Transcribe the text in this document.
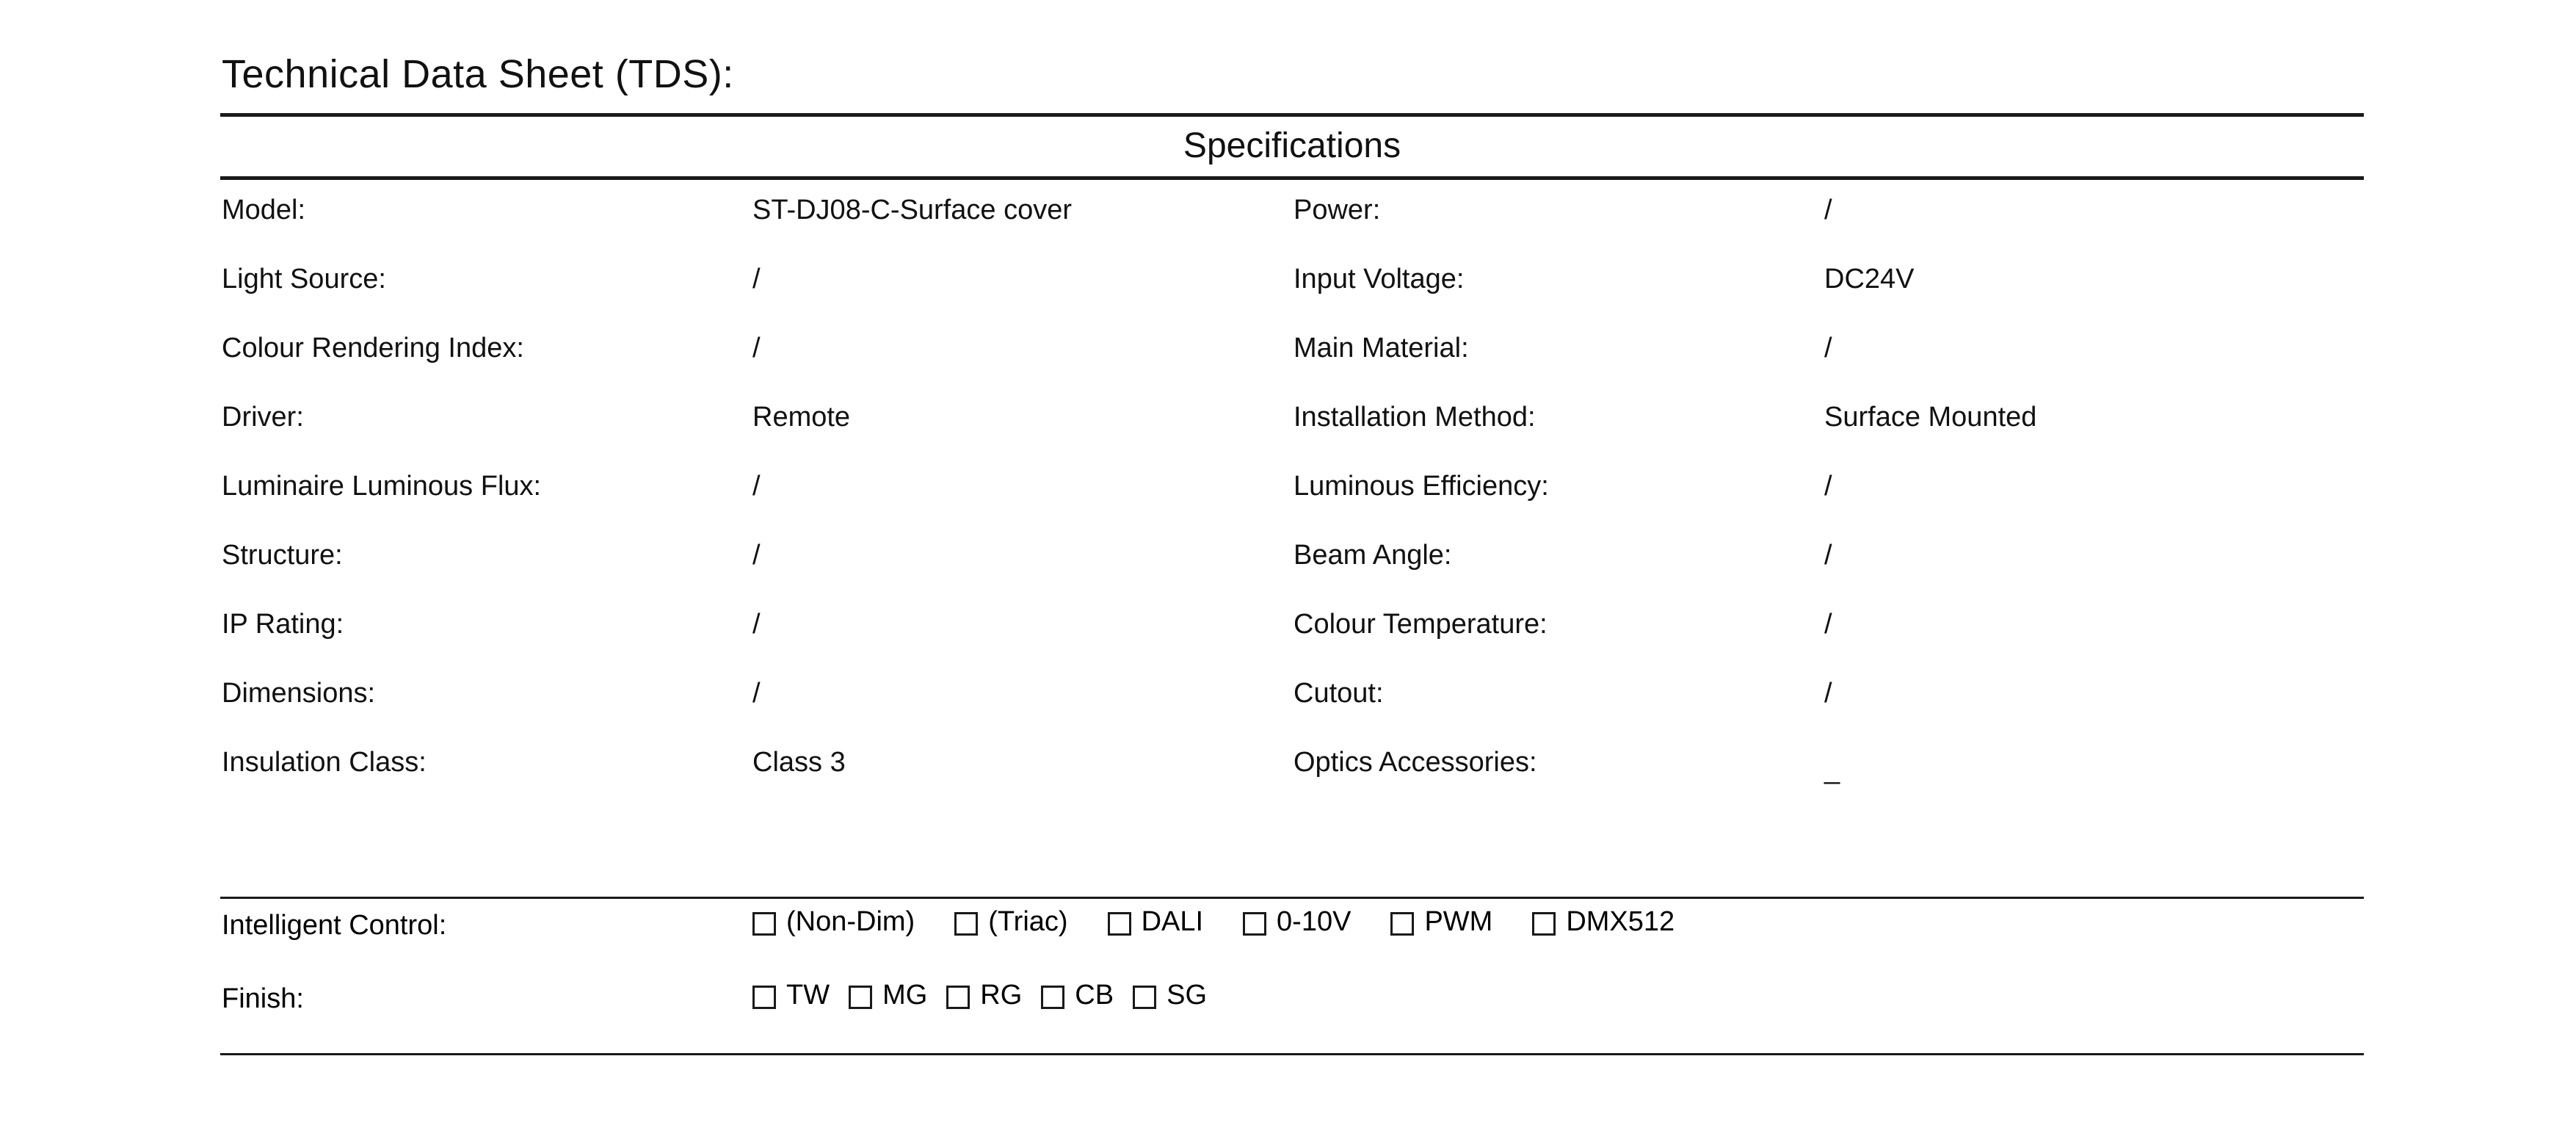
Technical Data Sheet (TDS):
Specifications
Model:	ST-DJ08-C-Surface cover	Power:	/
Light Source:	/	Input Voltage:	DC24V
Colour Rendering Index:	/	Main Material:	/
Driver:	Remote	Installation Method:	Surface Mounted
Luminaire Luminous Flux:	/	Luminous Efficiency:	/
Structure:	/	Beam Angle:	/
IP Rating:	/	Colour Temperature:	/
Dimensions:	/	Cutout:	/
Insulation Class:	Class 3	Optics Accessories:	_
Intelligent Control:	(Non-Dim)	(Triac)	DALI	0-10V	PWM	DMX512
Finish:	TW MG RG CB SG
